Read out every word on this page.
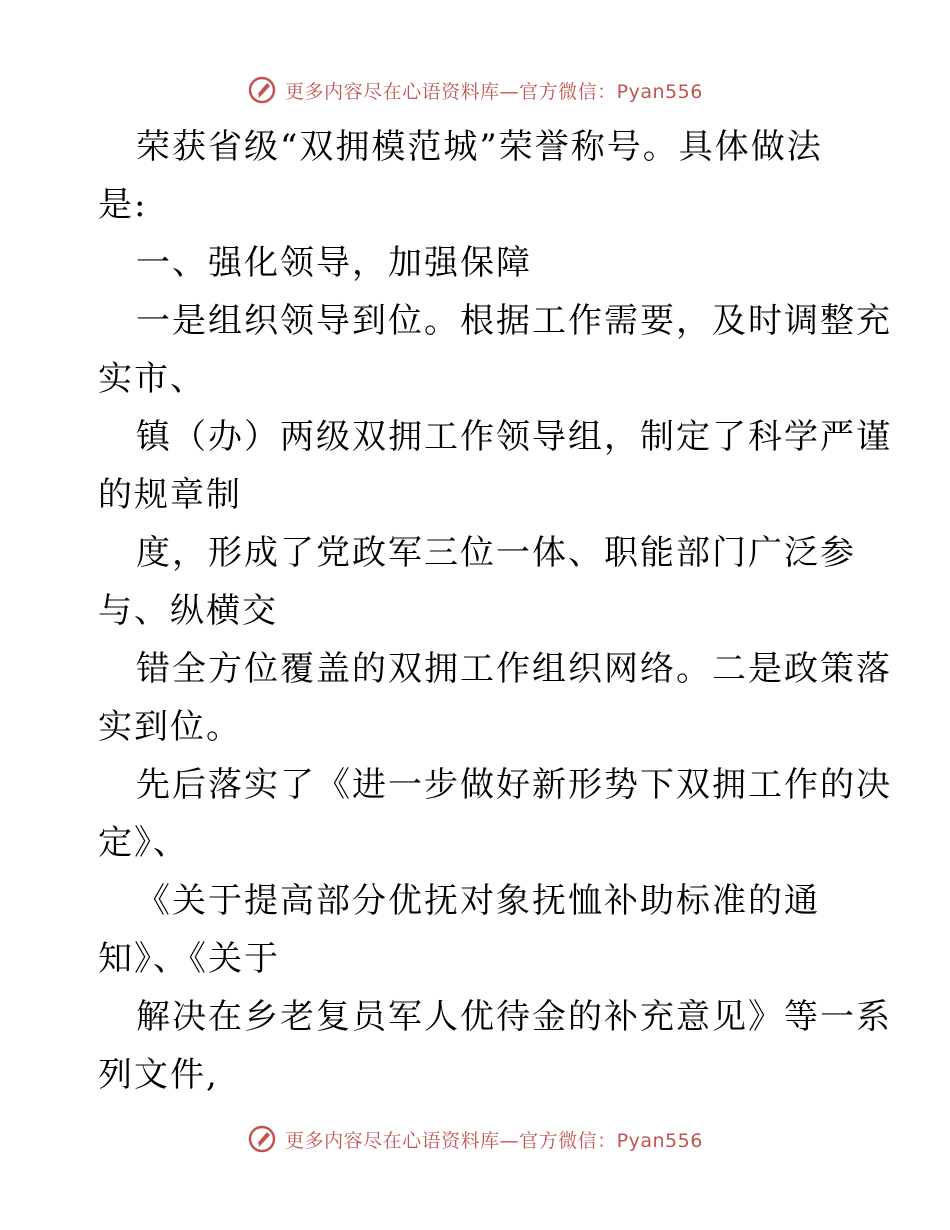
更多内容尽在心语资料库—官方微信：Pyan556
荣获省级“双拥模范城”荣誉称号。具体做法
是:
一、强化领导，加强保障
一是组织领导到位。根据工作需要，及时调整充
实市、
镇（办）两级双拥工作领导组，制定了科学严谨
的规章制
度，形成了党政军三位一体、职能部门广泛参
与、纵横交
错全方位覆盖的双拥工作组织网络。二是政策落
实到位。
先后落实了《进一步做好新形势下双拥工作的决
定》、
《关于提高部分优抚对象抚恤补助标准的通
知》、《关于
解决在乡老复员军人优待金的补充意见》等一系
列文件,
更多内容尽在心语资料库—官方微信：Pyan556
